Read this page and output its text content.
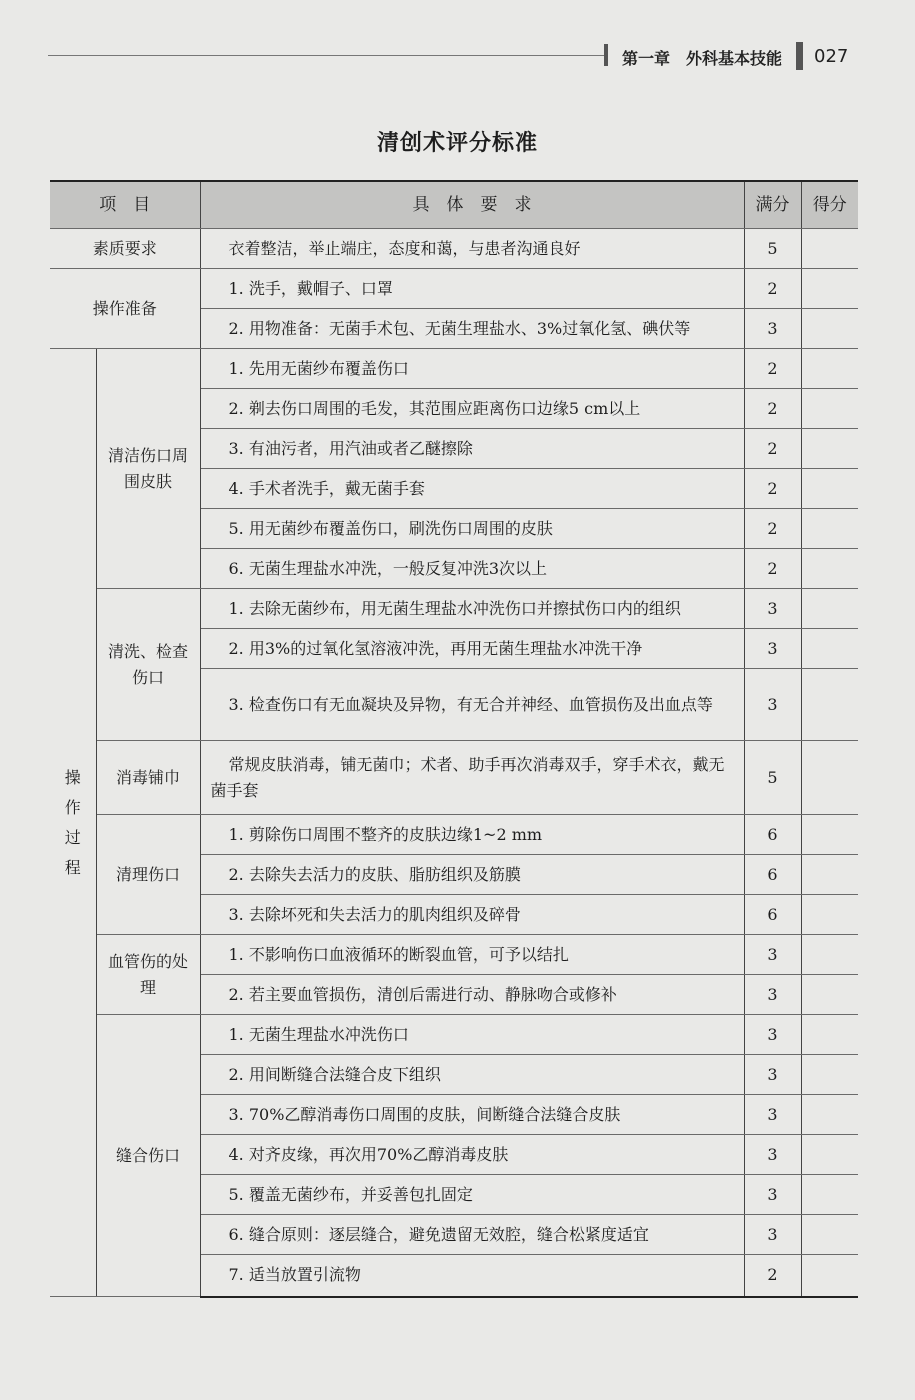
第一章　外科基本技能 027
清创术评分标准
项　目		具　体　要　求	满分	得分
素质要求		衣着整洁，举止端庄，态度和蔼，与患者沟通良好	5	
操作准备		1. 洗手，戴帽子、口罩	2	
		2. 用物准备：无菌手术包、无菌生理盐水、3%过氧化氢、碘伏等	3	
操作过程	清洁伤口周围皮肤	1. 先用无菌纱布覆盖伤口	2	
		2. 剃去伤口周围的毛发，其范围应距离伤口边缘5 cm以上	2	
		3. 有油污者，用汽油或者乙醚擦除	2	
		4. 手术者洗手，戴无菌手套	2	
		5. 用无菌纱布覆盖伤口，刷洗伤口周围的皮肤	2	
		6. 无菌生理盐水冲洗，一般反复冲洗3次以上	2	
	清洗、检查伤口	1. 去除无菌纱布，用无菌生理盐水冲洗伤口并擦拭伤口内的组织	3	
		2. 用3%的过氧化氢溶液冲洗，再用无菌生理盐水冲洗干净	3	
		3. 检查伤口有无血凝块及异物，有无合并神经、血管损伤及出血点等	3	
	消毒铺巾	常规皮肤消毒，铺无菌巾；术者、助手再次消毒双手，穿手术衣，戴无菌手套	5	
	清理伤口	1. 剪除伤口周围不整齐的皮肤边缘1~2 mm	6	
		2. 去除失去活力的皮肤、脂肪组织及筋膜	6	
		3. 去除坏死和失去活力的肌肉组织及碎骨	6	
	血管伤的处理	1. 不影响伤口血液循环的断裂血管，可予以结扎	3	
		2. 若主要血管损伤，清创后需进行动、静脉吻合或修补	3	
	缝合伤口	1. 无菌生理盐水冲洗伤口	3	
		2. 用间断缝合法缝合皮下组织	3	
		3. 70%乙醇消毒伤口周围的皮肤，间断缝合法缝合皮肤	3	
		4. 对齐皮缘，再次用70%乙醇消毒皮肤	3	
		5. 覆盖无菌纱布，并妥善包扎固定	3	
		6. 缝合原则：逐层缝合，避免遗留无效腔，缝合松紧度适宜	3	
		7. 适当放置引流物	2	
